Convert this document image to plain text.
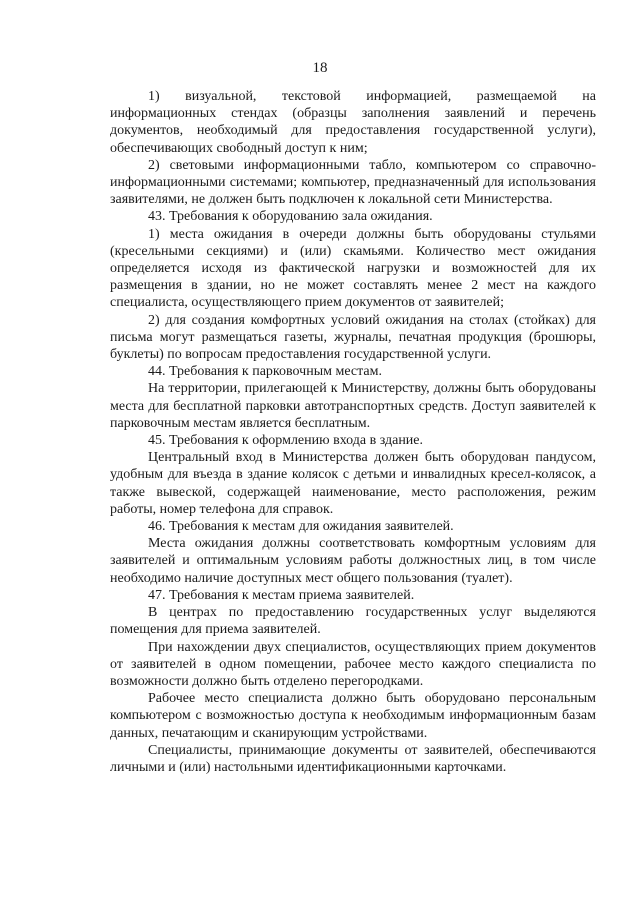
18

1) визуальной, текстовой информацией, размещаемой на информационных стендах (образцы заполнения заявлений и перечень документов, необходимый для предоставления государственной услуги), обеспечивающих свободный доступ к ним;

2) световыми информационными табло, компьютером со справочно-информационными системами; компьютер, предназначенный для использования заявителями, не должен быть подключен к локальной сети Министерства.

43. Требования к оборудованию зала ожидания.

1) места ожидания в очереди должны быть оборудованы стульями (кресельными секциями) и (или) скамьями. Количество мест ожидания определяется исходя из фактической нагрузки и возможностей для их размещения в здании, но не может составлять менее 2 мест на каждого специалиста, осуществляющего прием документов от заявителей;

2) для создания комфортных условий ожидания на столах (стойках) для письма могут размещаться газеты, журналы, печатная продукция (брошюры, буклеты) по вопросам предоставления государственной услуги.

44. Требования к парковочным местам.

На территории, прилегающей к Министерству, должны быть оборудованы места для бесплатной парковки автотранспортных средств. Доступ заявителей к парковочным местам является бесплатным.

45. Требования к оформлению входа в здание.

Центральный вход в Министерства должен быть оборудован пандусом, удобным для въезда в здание колясок с детьми и инвалидных кресел-колясок, а также вывеской, содержащей наименование, место расположения, режим работы, номер телефона для справок.

46. Требования к местам для ожидания заявителей.

Места ожидания должны соответствовать комфортным условиям для заявителей и оптимальным условиям работы должностных лиц, в том числе необходимо наличие доступных мест общего пользования (туалет).

47. Требования к местам приема заявителей.

В центрах по предоставлению государственных услуг выделяются помещения для приема заявителей.

При нахождении двух специалистов, осуществляющих прием документов от заявителей в одном помещении, рабочее место каждого специалиста по возможности должно быть отделено перегородками.

Рабочее место специалиста должно быть оборудовано персональным компьютером с возможностью доступа к необходимым информационным базам данных, печатающим и сканирующим устройствами.

Специалисты, принимающие документы от заявителей, обеспечиваются личными и (или) настольными идентификационными карточками.
